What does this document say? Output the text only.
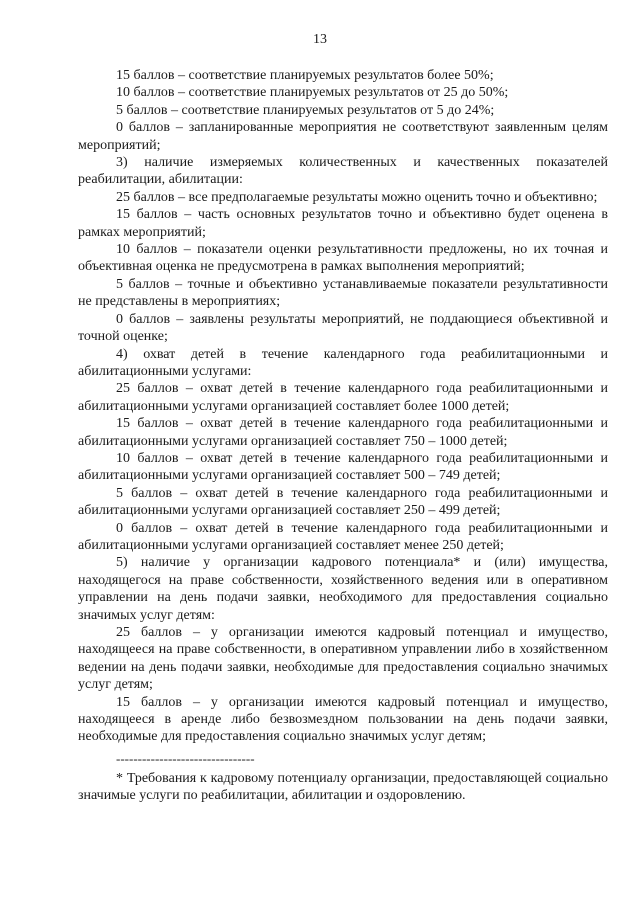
13

15 баллов – соответствие планируемых результатов более 50%;

10 баллов – соответствие планируемых результатов от 25 до 50%;

5 баллов – соответствие планируемых результатов от 5 до 24%;

0 баллов – запланированные мероприятия не соответствуют заявленным целям мероприятий;

3) наличие измеряемых количественных и качественных показателей реабилитации, абилитации:

25 баллов – все предполагаемые результаты можно оценить точно и объективно;

15 баллов – часть основных результатов точно и объективно будет оценена в рамках мероприятий;

10 баллов – показатели оценки результативности предложены, но их точная и объективная оценка не предусмотрена в рамках выполнения мероприятий;

5 баллов – точные и объективно устанавливаемые показатели результативности не представлены в мероприятиях;

0 баллов – заявлены результаты мероприятий, не поддающиеся объективной и точной оценке;

4) охват детей в течение календарного года реабилитационными и абилитационными услугами:

25 баллов – охват детей в течение календарного года реабилитационными и абилитационными услугами организацией составляет более 1000 детей;

15 баллов – охват детей в течение календарного года реабилитационными и абилитационными услугами организацией составляет 750 – 1000 детей;

10 баллов – охват детей в течение календарного года реабилитационными и абилитационными услугами организацией составляет 500 – 749 детей;

5 баллов – охват детей в течение календарного года реабилитационными и абилитационными услугами организацией составляет 250 – 499 детей;

0 баллов – охват детей в течение календарного года реабилитационными и абилитационными услугами организацией составляет менее 250 детей;

5) наличие у организации кадрового потенциала* и (или) имущества, находящегося на праве собственности, хозяйственного ведения или в оперативном управлении на день подачи заявки, необходимого для предоставления социально значимых услуг детям:

25 баллов – у организации имеются кадровый потенциал и имущество, находящееся на праве собственности, в оперативном управлении либо в хозяйственном ведении на день подачи заявки, необходимые для предоставления социально значимых услуг детям;

15 баллов – у организации имеются кадровый потенциал и имущество, находящееся в аренде либо безвозмездном пользовании на день подачи заявки, необходимые для предоставления социально значимых услуг детям;

--------------------------------

* Требования к кадровому потенциалу организации, предоставляющей социально значимые услуги по реабилитации, абилитации и оздоровлению.
